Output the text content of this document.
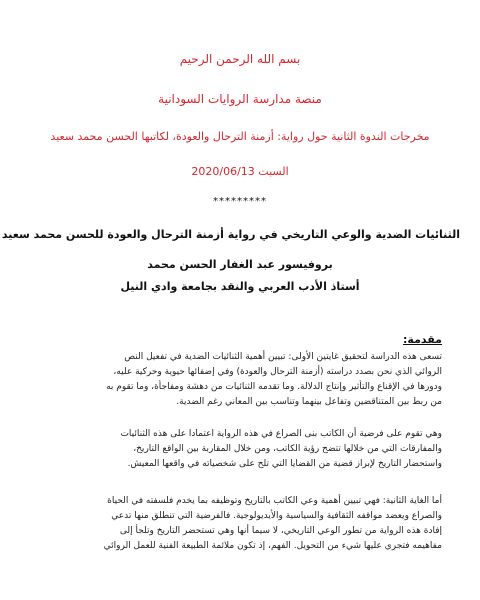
بسم الله الرحمن الرحيم
منصة مدارسة الروايات السودانية
مخرجات الندوة الثانية حول رواية: أزمنة الترحال والعودة، لكاتبها الحسن محمد سعيد
السبت 2020/06/13
*********
الثنائيات الضدية والوعي التاريخي في رواية أزمنة الترحال والعودة للحسن محمد سعيد
بروفيسور عبد الغفار الحسن محمد
أستاذ الأدب العربي والنقد بجامعة وادي النيل
مقدمة:
تسعى هذه الدراسة لتحقيق غايتين الأولى: تبيين أهمية الثنائيات الضدية في تفعيل النص
الروائي الذي نحن بصدد دراسته (أزمنة الترحال والعودة) وفي إضفائها حيوية وحركية عليه،
ودورها في الإقناع والتأثير وإنتاج الدلالة. وما تقدمه الثنائيات من دهشة ومفاجأة، وما تقوم به
من ربط بين المتناقضين وتفاعل بينهما وتناسب بين المعاني رغم الضدية.
وهي تقوم على فرضية أن الكاتب بنى الصراع في هذه الرواية اعتمادا على هذه الثنائيات
والمفارقات التي من خلالها تتضح رؤية الكاتب، ومن خلال المقاربة بين الواقع التاريخ،
واستحضار التاريخ لإبراز قضية من القضايا التي تلح على شخصياته في واقعها المعيش.
أما الغاية الثانية: فهي تبيين أهمية وعي الكاتب بالتاريخ وتوظيفه بما يخدم فلسفته في الحياة
والصراع ويعضد مواقفه الثقافية والسياسية والأيديولوجية. فالفرضية التي تنطلق منها تدعي
إفادة هذه الرواية من تطور الوعي التاريخي، لا سيما أنها وهي تستحضر التاريخ وتلجأ إلى
مفاهيمه فتجري عليها شيء من التحويل. الفهم، إذ تكون ملائمة الطبيعة الفنية للعمل الروائي
